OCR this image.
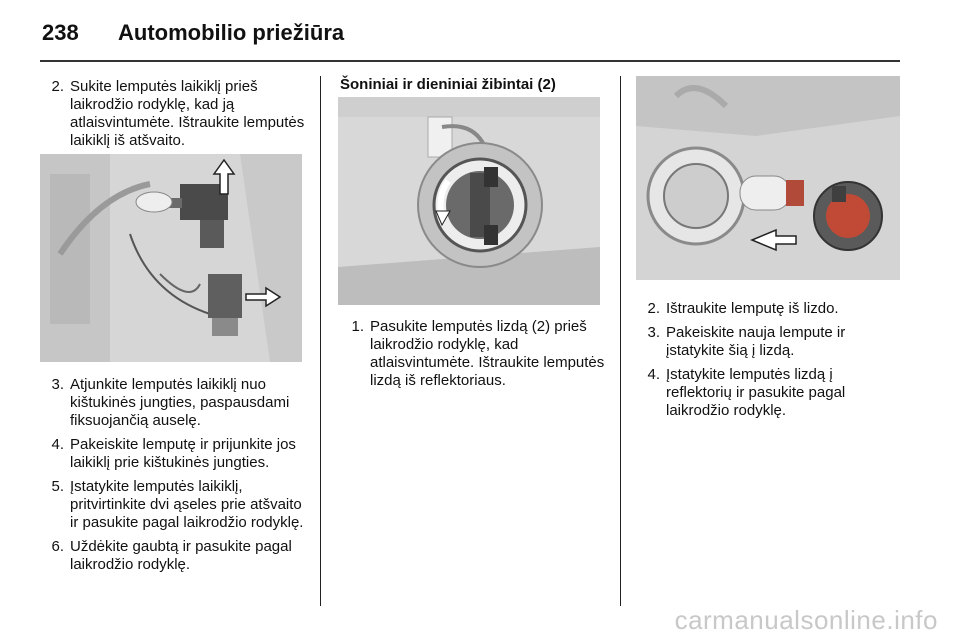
238 Automobilio priežiūra
2. Sukite lemputės laikiklį prieš laikrodžio rodyklę, kad ją atlaisvintumėte. Ištraukite lemputės laikiklį iš atšvaito.
3. Atjunkite lemputės laikiklį nuo kištukinės jungties, paspausdami fiksuojančią auselę.
4. Pakeiskite lemputę ir prijunkite jos laikiklį prie kištukinės jungties.
5. Įstatykite lemputės laikiklį, pritvirtinkite dvi ąseles prie atšvaito ir pasukite pagal laikrodžio rodyklę.
6. Uždėkite gaubtą ir pasukite pagal laikrodžio rodyklę.
Šoniniai ir dieniniai žibintai (2)
1. Pasukite lemputės lizdą (2) prieš laikrodžio rodyklę, kad atlaisvintumėte. Ištraukite lemputės lizdą iš reflektoriaus.
2. Ištraukite lemputę iš lizdo.
3. Pakeiskite nauja lempute ir įstatykite šią į lizdą.
4. Įstatykite lemputės lizdą į reflektorių ir pasukite pagal laikrodžio rodyklę.
carmanualsonline.info
